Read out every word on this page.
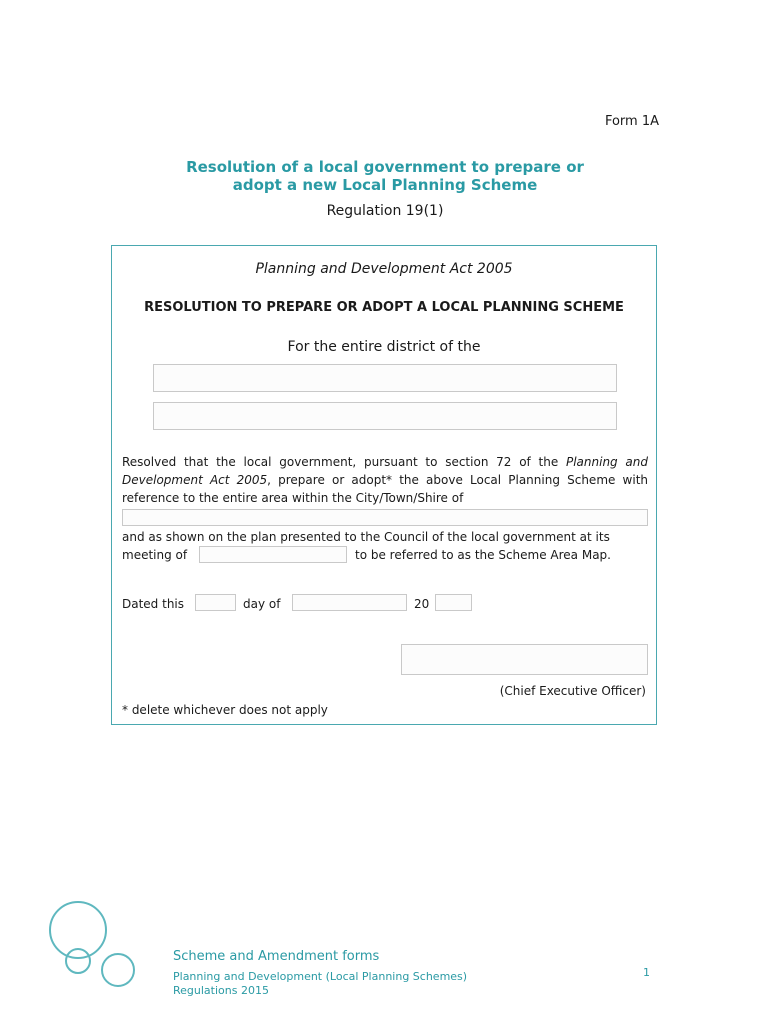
Form 1A
Resolution of a local government to prepare or
adopt a new Local Planning Scheme
Regulation 19(1)
Planning and Development Act 2005
RESOLUTION TO PREPARE OR ADOPT A LOCAL PLANNING SCHEME
For the entire district of the
Resolved that the local government, pursuant to section 72 of the Planning and Development Act 2005, prepare or adopt* the above Local Planning Scheme with reference to the entire area within the City/Town/Shire of
and as shown on the plan presented to the Council of the local government at its
meeting of	to be referred to as the Scheme Area Map.
Dated this	day of	20
(Chief Executive Officer)
* delete whichever does not apply
Scheme and Amendment forms
Planning and Development (Local Planning Schemes)
Regulations 2015
1
